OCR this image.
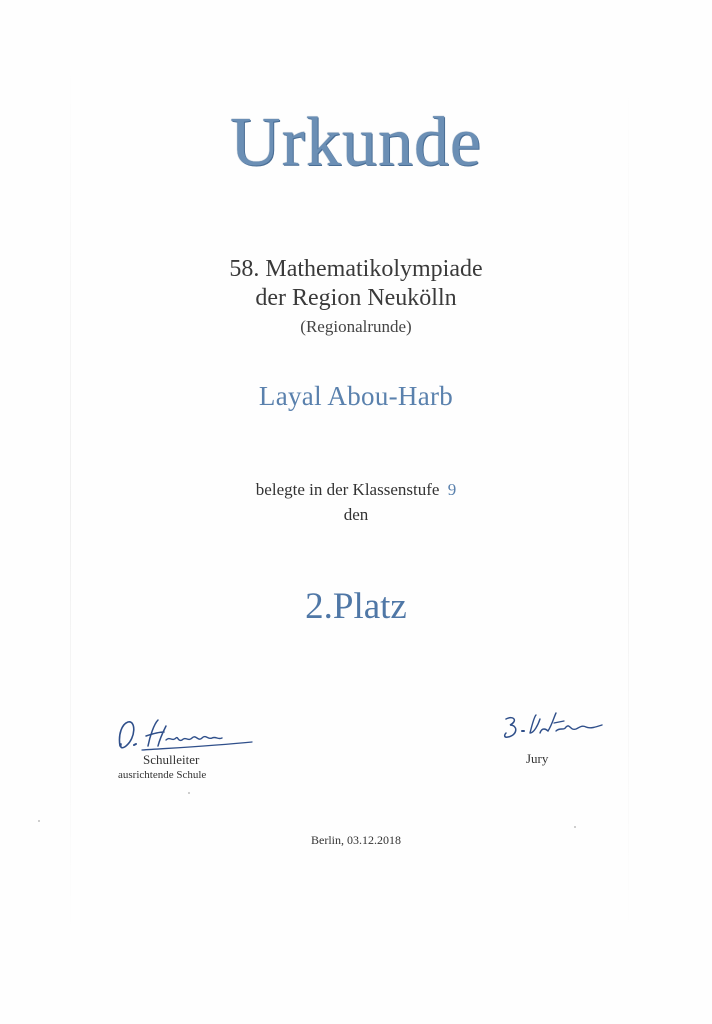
Urkunde
58. Mathematikolympiade
der Region Neukölln
(Regionalrunde)
Layal Abou-Harb
belegte in der Klassenstufe 9
den
2.Platz
Schulleiter
ausrichtende Schule
Jury
Berlin, 03.12.2018
